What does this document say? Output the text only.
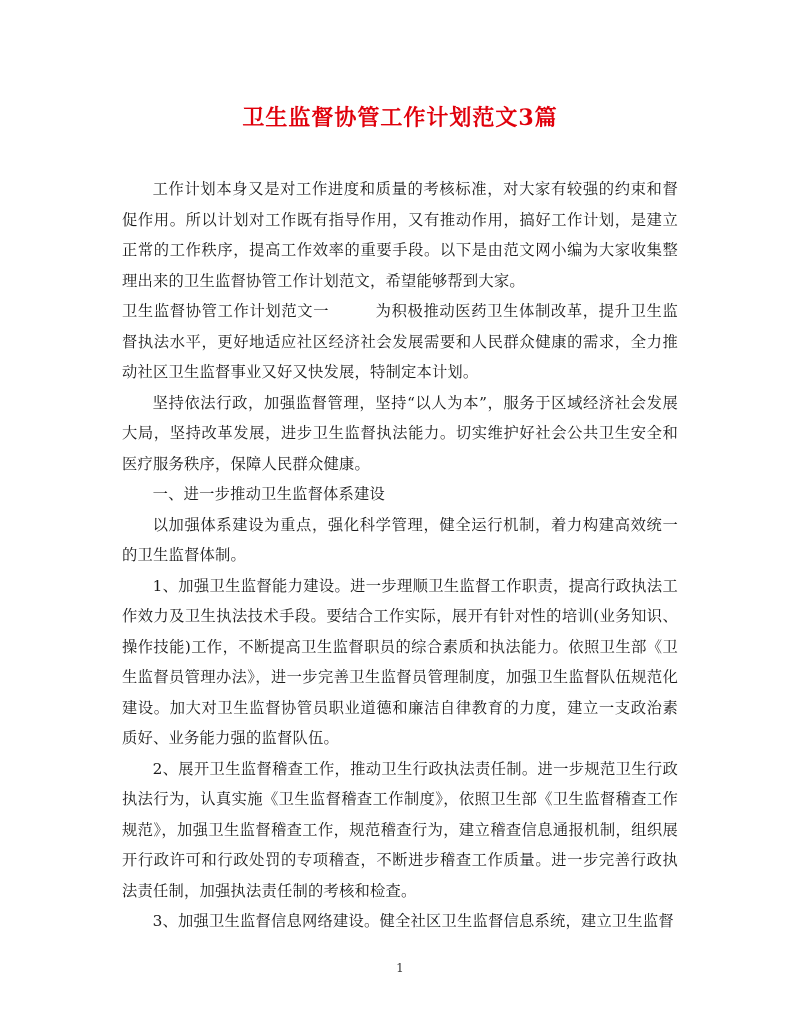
卫生监督协管工作计划范文3篇

工作计划本身又是对工作进度和质量的考核标准，对大家有较强的约束和督促作用。所以计划对工作既有指导作用，又有推动作用，搞好工作计划，是建立正常的工作秩序，提高工作效率的重要手段。以下是由范文网小编为大家收集整理出来的卫生监督协管工作计划范文，希望能够帮到大家。

卫生监督协管工作计划范文一	为积极推动医药卫生体制改革，提升卫生监督执法水平，更好地适应社区经济社会发展需要和人民群众健康的需求，全力推动社区卫生监督事业又好又快发展，特制定本计划。

坚持依法行政，加强监督管理，坚持“以人为本”，服务于区域经济社会发展大局，坚持改革发展，进步卫生监督执法能力。切实维护好社会公共卫生安全和医疗服务秩序，保障人民群众健康。

一、进一步推动卫生监督体系建设

以加强体系建设为重点，强化科学管理，健全运行机制，着力构建高效统一的卫生监督体制。

1、加强卫生监督能力建设。进一步理顺卫生监督工作职责，提高行政执法工作效力及卫生执法技术手段。要结合工作实际，展开有针对性的培训(业务知识、操作技能)工作，不断提高卫生监督职员的综合素质和执法能力。依照卫生部《卫生监督员管理办法》，进一步完善卫生监督员管理制度，加强卫生监督队伍规范化建设。加大对卫生监督协管员职业道德和廉洁自律教育的力度，建立一支政治素质好、业务能力强的监督队伍。

2、展开卫生监督稽查工作，推动卫生行政执法责任制。进一步规范卫生行政执法行为，认真实施《卫生监督稽查工作制度》，依照卫生部《卫生监督稽查工作规范》，加强卫生监督稽查工作，规范稽查行为，建立稽查信息通报机制，组织展开行政许可和行政处罚的专项稽查，不断进步稽查工作质量。进一步完善行政执法责任制，加强执法责任制的考核和检查。

3、加强卫生监督信息网络建设。健全社区卫生监督信息系统，建立卫生监督

1
